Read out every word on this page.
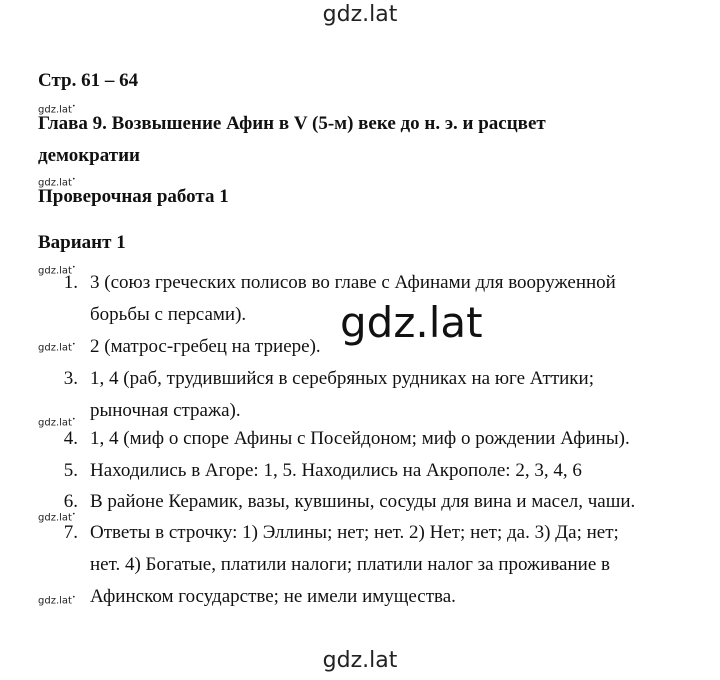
gdz.lat
Стр. 61 – 64
gdz.lat•
Глава 9. Возвышение Афин в V (5-м) веке до н. э. и расцвет
демократии
gdz.lat•
Проверочная работа 1
Вариант 1
gdz.lat•
1. 3 (союз греческих полисов во главе с Афинами для вооруженной
борьбы с персами). gdz.lat
gdz.lat• 2 (матрос-гребец на триере).
3. 1, 4 (раб, трудившийся в серебряных рудниках на юге Аттики;
рыночная стража).
gdz.lat•
4. 1, 4 (миф о споре Афины с Посейдоном; миф о рождении Афины).
5. Находились в Агоре: 1, 5. Находились на Акрополе: 2, 3, 4, 6
6. В районе Керамик, вазы, кувшины, сосуды для вина и масел, чаши.
gdz.lat•
7. Ответы в строчку: 1) Эллины; нет; нет. 2) Нет; нет; да. 3) Да; нет;
нет. 4) Богатые, платили налоги; платили налог за проживание в
gdz.lat• Афинском государстве; не имели имущества.
gdz.lat
